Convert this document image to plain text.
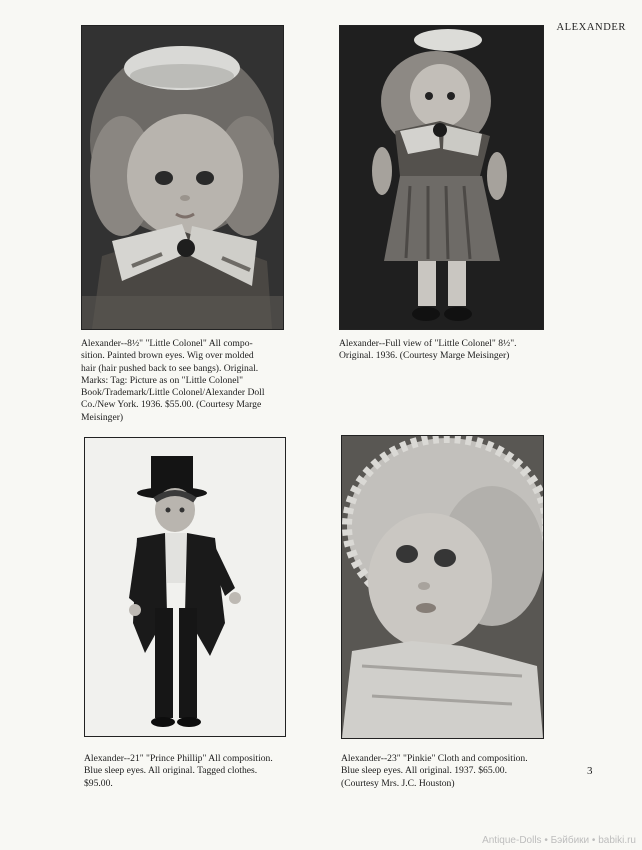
ALEXANDER
Alexander--8½" "Little Colonel" All compo-
sition. Painted brown eyes. Wig over molded
hair (hair pushed back to see bangs). Original.
Marks: Tag: Picture as on "Little Colonel"
Book/Trademark/Little Colonel/Alexander Doll
Co./New York. 1936. $55.00. (Courtesy Marge
Meisinger)
Alexander--Full view of "Little Colonel" 8½".
Original. 1936. (Courtesy Marge Meisinger)
Alexander--21" "Prince Phillip" All composition.
Blue sleep eyes. All original. Tagged clothes.
$95.00.
Alexander--23" "Pinkie" Cloth and composition.
Blue sleep eyes. All original. 1937. $65.00.
(Courtesy Mrs. J.C. Houston)
3
Antique-Dolls • Бэйбики • babiki.ru
